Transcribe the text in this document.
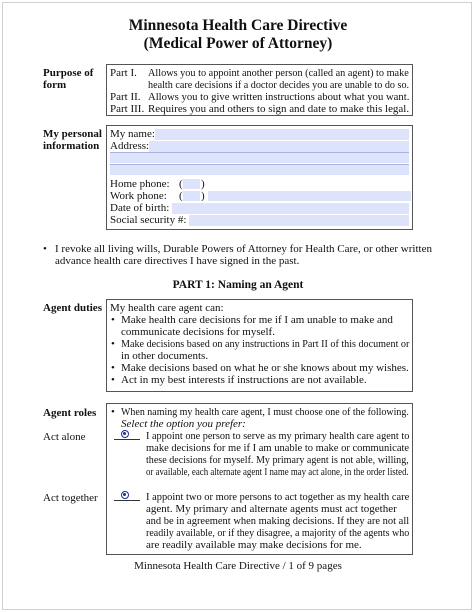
Minnesota Health Care Directive
(Medical Power of Attorney)
Purpose of
form
Part I. Allows you to appoint another person (called an agent) to make
health care decisions if a doctor decides you are unable to do so.
Part II. Allows you to give written instructions about what you want.
Part III. Requires you and others to sign and date to make this legal.
My personal
information
My name:
Address:
Home phone: ( )
Work phone: ( )
Date of birth:
Social security #:
• I revoke all living wills, Durable Powers of Attorney for Health Care, or other written
advance health care directives I have signed in the past.
PART 1: Naming an Agent
Agent duties My health care agent can:
• Make health care decisions for me if I am unable to make and
communicate decisions for myself.
• Make decisions based on any instructions in Part II of this document or
in other documents.
• Make decisions based on what he or she knows about my wishes.
• Act in my best interests if instructions are not available.
Agent roles • When naming my health care agent, I must choose one of the following.
Select the option you prefer:
I appoint one person to serve as my primary health care agent to
make decisions for me if I am unable to make or communicate
these decisions for myself. My primary agent is not able, willing,
or available, each alternate agent I name may act alone, in the order listed.
I appoint two or more persons to act together as my health care
agent. My primary and alternate agents must act together
and be in agreement when making decisions. If they are not all
readily available, or if they disagree, a majority of the agents who
are readily available may make decisions for me.
Act alone
Act together
Minnesota Health Care Directive / 1 of 9 pages
